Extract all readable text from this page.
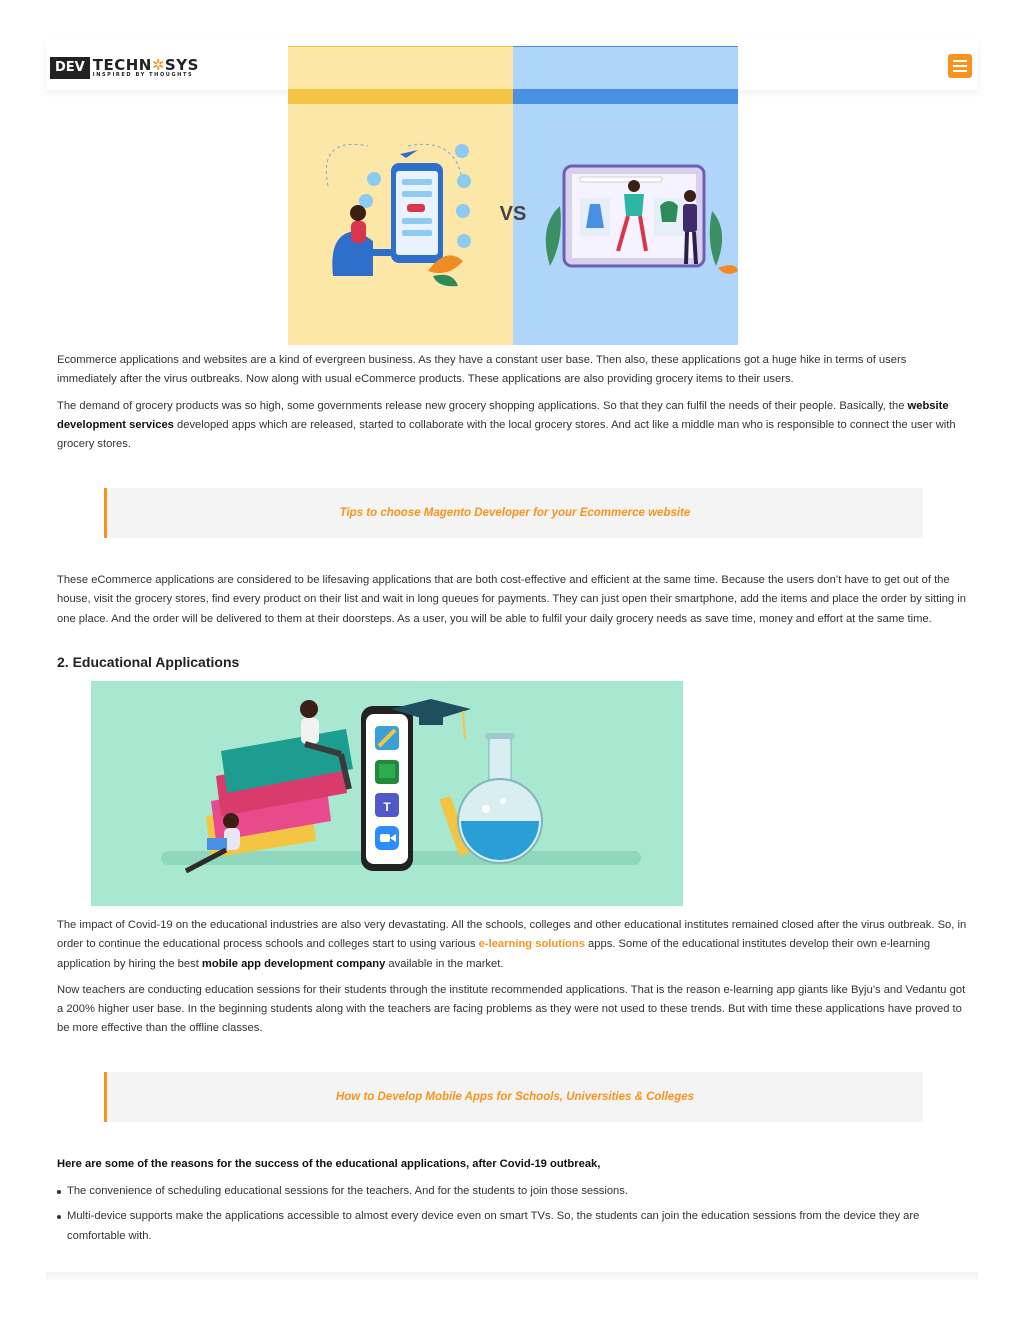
DEV TECHN✲SYS
INSPIRED BY THOUGHTS
VS

Ecommerce applications and websites are a kind of evergreen business. As they have a constant user base. Then also, these applications got a huge hike in terms of users immediately after the virus outbreaks. Now along with usual eCommerce products. These applications are also providing grocery items to their users.

The demand of grocery products was so high, some governments release new grocery shopping applications. So that they can fulfil the needs of their people. Basically, the website development services developed apps which are released, started to collaborate with the local grocery stores. And act like a middle man who is responsible to connect the user with grocery stores.

Tips to choose Magento Developer for your Ecommerce website

These eCommerce applications are considered to be lifesaving applications that are both cost-effective and efficient at the same time. Because the users don’t have to get out of the house, visit the grocery stores, find every product on their list and wait in long queues for payments. They can just open their smartphone, add the items and place the order by sitting in one place. And the order will be delivered to them at their doorsteps. As a user, you will be able to fulfil your daily grocery needs as save time, money and effort at the same time.

2. Educational Applications
T

The impact of Covid-19 on the educational industries are also very devastating. All the schools, colleges and other educational institutes remained closed after the virus outbreak. So, in order to continue the educational process schools and colleges start to using various e-learning solutions apps. Some of the educational institutes develop their own e-learning application by hiring the best mobile app development company available in the market.

Now teachers are conducting education sessions for their students through the institute recommended applications. That is the reason e-learning app giants like Byju’s and Vedantu got a 200% higher user base. In the beginning students along with the teachers are facing problems as they were not used to these trends. But with time these applications have proved to be more effective than the offline classes.

How to Develop Mobile Apps for Schools, Universities & Colleges

Here are some of the reasons for the success of the educational applications, after Covid-19 outbreak,

The convenience of scheduling educational sessions for the teachers. And for the students to join those sessions.
Multi-device supports make the applications accessible to almost every device even on smart TVs. So, the students can join the education sessions from the device they are comfortable with.
